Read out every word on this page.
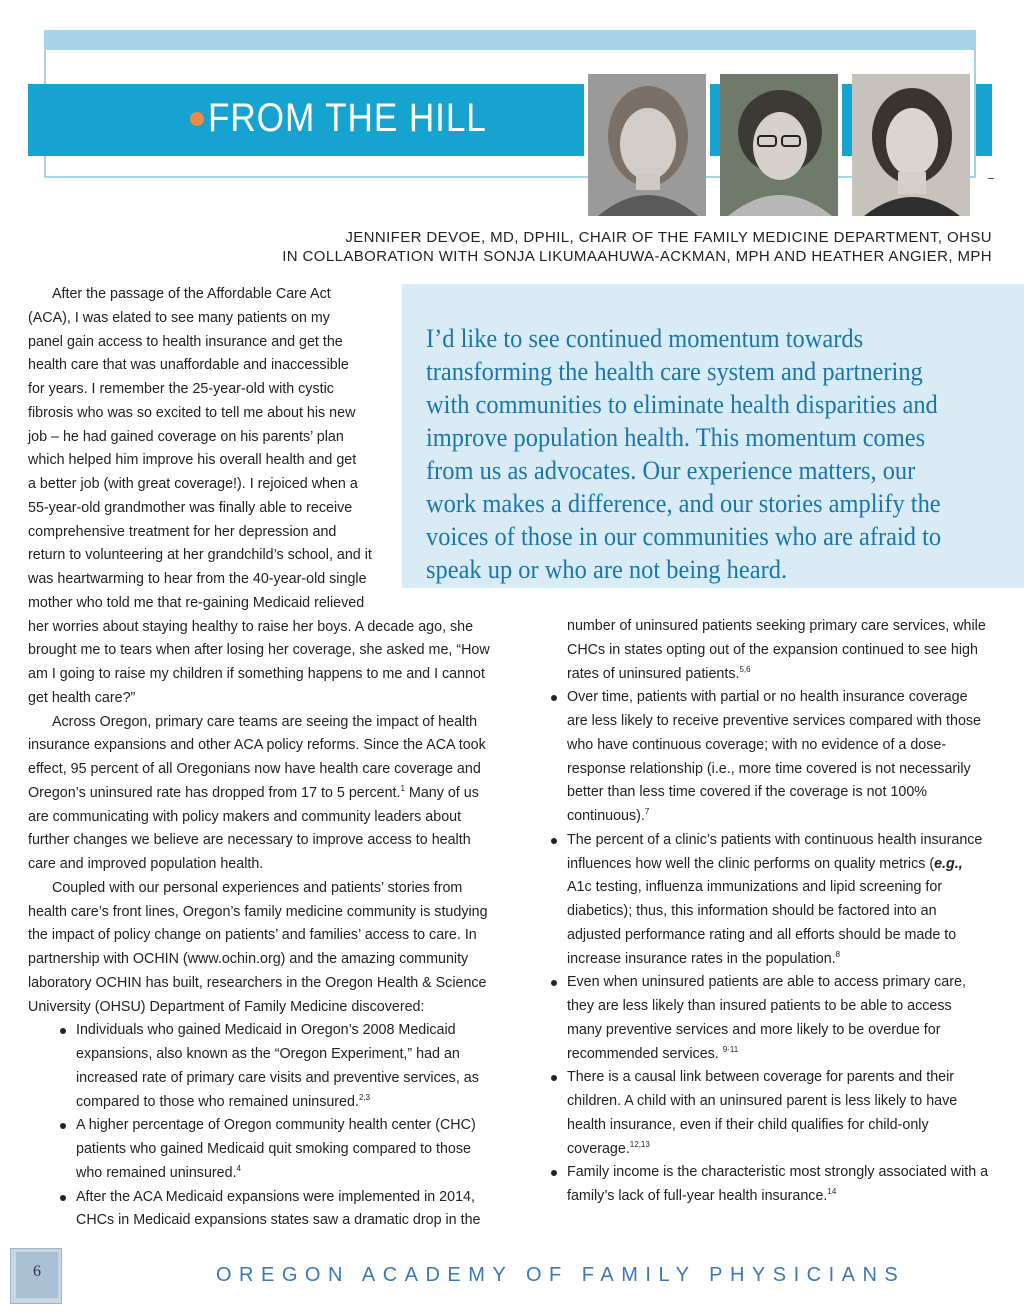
FROM THE HILL
JENNIFER DEVOE, MD, DPHIL, CHAIR OF THE FAMILY MEDICINE DEPARTMENT, OHSU
IN COLLABORATION WITH SONJA LIKUMAAHUWA-ACKMAN, MPH AND HEATHER ANGIER, MPH
I’d like to see continued momentum towards transforming the health care system and partnering with communities to eliminate health disparities and improve population health. This momentum comes from us as advocates. Our experience matters, our work makes a difference, and our stories amplify the voices of those in our communities who are afraid to speak up or who are not being heard.
After the passage of the Affordable Care Act
(ACA), I was elated to see many patients on my
panel gain access to health insurance and get the
health care that was unaffordable and inaccessible
for years. I remember the 25-year-old with cystic
fibrosis who was so excited to tell me about his new
job – he had gained coverage on his parents’ plan
which helped him improve his overall health and get
a better job (with great coverage!). I rejoiced when a
55-year-old grandmother was finally able to receive
comprehensive treatment for her depression and
return to volunteering at her grandchild’s school, and it
was heartwarming to hear from the 40-year-old single
mother who told me that re-gaining Medicaid relieved
her worries about staying healthy to raise her boys. A decade ago, she
brought me to tears when after losing her coverage, she asked me, “How
am I going to raise my children if something happens to me and I cannot
get health care?”
Across Oregon, primary care teams are seeing the impact of health
insurance expansions and other ACA policy reforms. Since the ACA took
effect, 95 percent of all Oregonians now have health care coverage and
Oregon’s uninsured rate has dropped from 17 to 5 percent.$^1$ Many of us
are communicating with policy makers and community leaders about
further changes we believe are necessary to improve access to health
care and improved population health.
Coupled with our personal experiences and patients’ stories from
health care’s front lines, Oregon’s family medicine community is studying
the impact of policy change on patients’ and families’ access to care. In
partnership with OCHIN (www.ochin.org) and the amazing community
laboratory OCHIN has built, researchers in the Oregon Health & Science
University (OHSU) Department of Family Medicine discovered:
Individuals who gained Medicaid in Oregon’s 2008 Medicaid
expansions, also known as the “Oregon Experiment,” had an
increased rate of primary care visits and preventive services, as
compared to those who remained uninsured.$^{2,3}$
A higher percentage of Oregon community health center (CHC)
patients who gained Medicaid quit smoking compared to those
who remained uninsured.$^4$
After the ACA Medicaid expansions were implemented in 2014,
CHCs in Medicaid expansions states saw a dramatic drop in the
number of uninsured patients seeking primary care services, while
CHCs in states opting out of the expansion continued to see high
rates of uninsured patients.$^{5,6}$
Over time, patients with partial or no health insurance coverage
are less likely to receive preventive services compared with those
who have continuous coverage; with no evidence of a dose-
response relationship (i.e., more time covered is not necessarily
better than less time covered if the coverage is not 100%
continuous).$^7$
The percent of a clinic’s patients with continuous health insurance
influences how well the clinic performs on quality metrics (e.g.,
A1c testing, influenza immunizations and lipid screening for
diabetics); thus, this information should be factored into an
adjusted performance rating and all efforts should be made to
increase insurance rates in the population.$^8$
Even when uninsured patients are able to access primary care,
they are less likely than insured patients to be able to access
many preventive services and more likely to be overdue for
recommended services. $^{9-11}$
There is a causal link between coverage for parents and their
children. A child with an uninsured parent is less likely to have
health insurance, even if their child qualifies for child-only
coverage.$^{12,13}$
Family income is the characteristic most strongly associated with a
family’s lack of full-year health insurance.$^{14}$
6	OREGON ACADEMY OF FAMILY PHYSICIANS
